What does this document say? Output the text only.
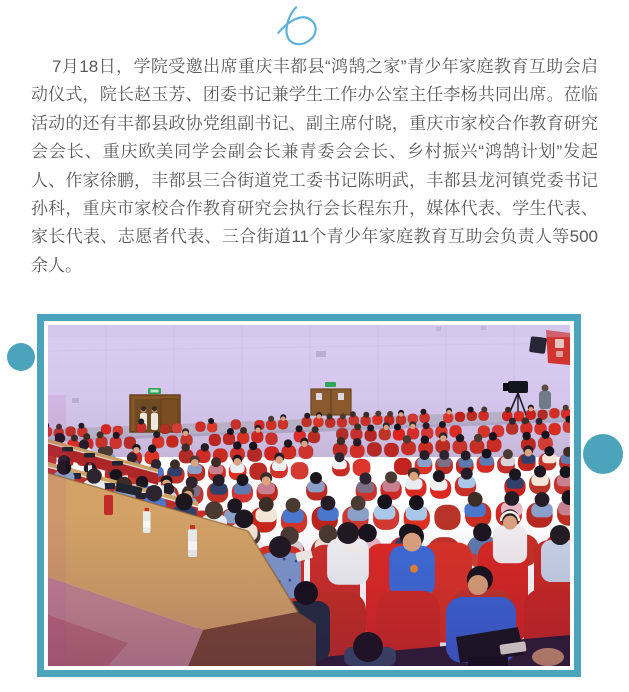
7月18日，学院受邀出席重庆丰都县“鸿鹄之家”青少年家庭教育互助会启动仪式，院长赵玉芳、团委书记兼学生工作办公室主任李杨共同出席。莅临活动的还有丰都县政协党组副书记、副主席付晓，重庆市家校合作教育研究会会长、重庆欧美同学会副会长兼青委会会长、乡村振兴“鸿鹄计划”发起人、作家徐鹏，丰都县三合街道党工委书记陈明武，丰都县龙河镇党委书记孙科，重庆市家校合作教育研究会执行会长程东升，媒体代表、学生代表、家长代表、志愿者代表、三合街道11个青少年家庭教育互助会负责人等500余人。
